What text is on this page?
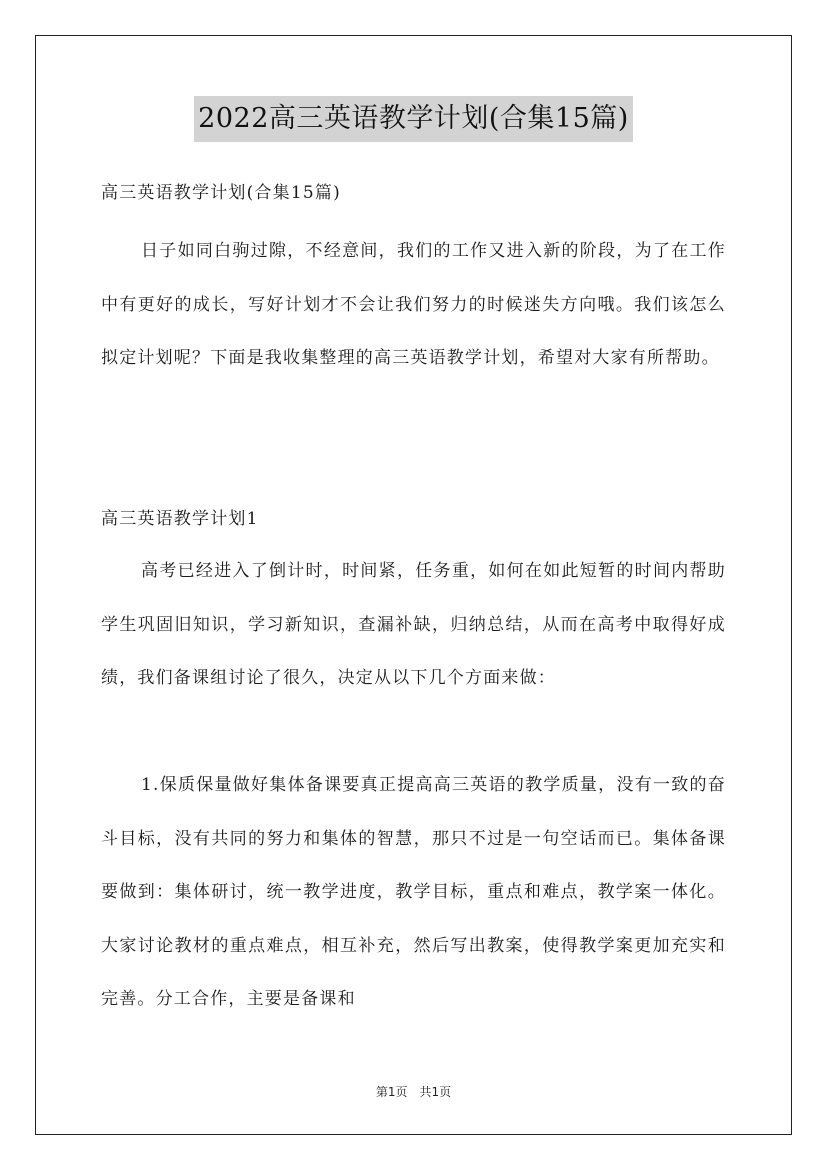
2022高三英语教学计划(合集15篇)
高三英语教学计划(合集15篇)
日子如同白驹过隙，不经意间，我们的工作又进入新的阶段，为了在工作中有更好的成长，写好计划才不会让我们努力的时候迷失方向哦。我们该怎么拟定计划呢？下面是我收集整理的高三英语教学计划，希望对大家有所帮助。
高三英语教学计划1
高考已经进入了倒计时，时间紧，任务重，如何在如此短暂的时间内帮助学生巩固旧知识，学习新知识，查漏补缺，归纳总结，从而在高考中取得好成绩，我们备课组讨论了很久，决定从以下几个方面来做：
1.保质保量做好集体备课要真正提高高三英语的教学质量，没有一致的奋斗目标，没有共同的努力和集体的智慧，那只不过是一句空话而已。集体备课要做到：集体研讨，统一教学进度，教学目标，重点和难点，教学案一体化。大家讨论教材的重点难点，相互补充，然后写出教案，使得教学案更加充实和完善。分工合作，主要是备课和
第1页　共1页
